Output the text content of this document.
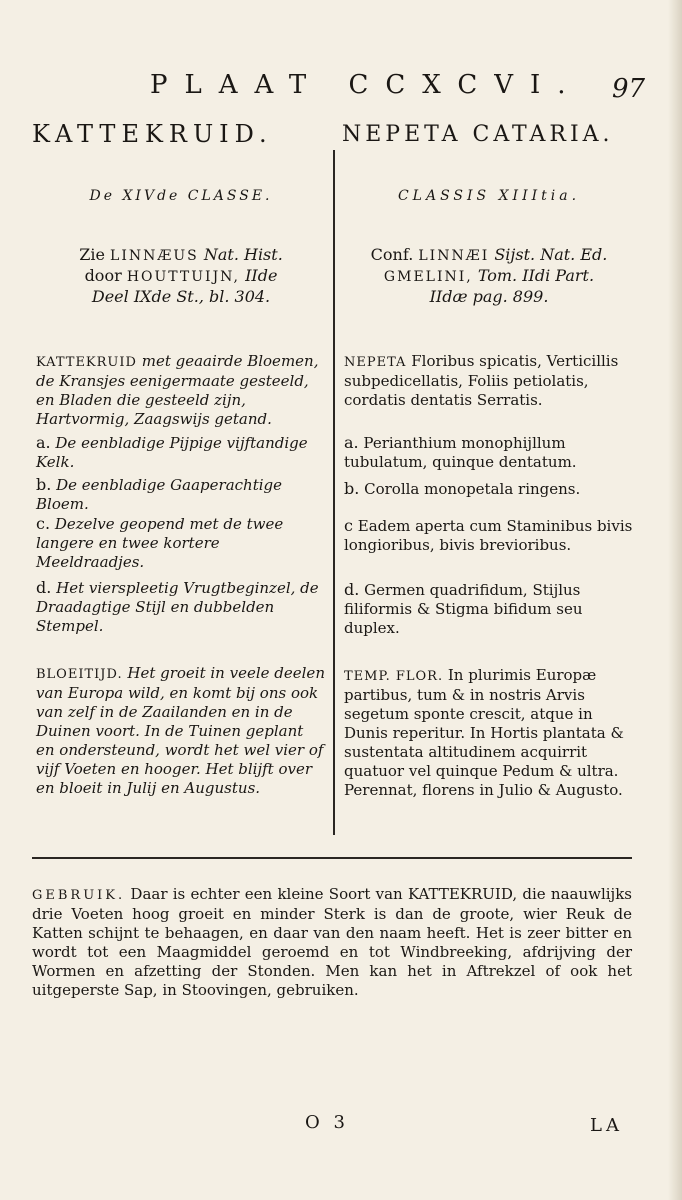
PLAAT CCXCVI. 97
KATTEKRUID.	NEPETA CATARIA.
De XIVde CLASSE.
Zie LINNÆUS Nat. Hist.
door HOUTTUIJN, IIde
Deel IXde St., bl. 304.
KATTEKRUID met geaairde Bloemen, de Kransjes eenigermaate gesteeld, en Bladen die gesteeld zijn, Hartvormig, Zaagswijs getand.
a. De eenbladige Pijpige vijftandige Kelk.
b. De eenbladige Gaaperachtige Bloem.
c. Dezelve geopend met de twee langere en twee kortere Meeldraadjes.
d. Het vierspleetig Vrugtbeginzel, de Draadagtige Stijl en dubbelden Stempel.
BLOEITIJD. Het groeit in veele deelen van Europa wild, en komt bij ons ook van zelf in de Zaailanden en in de Duinen voort. In de Tuinen geplant en ondersteund, wordt het wel vier of vijf Voeten en hooger. Het blijft over en bloeit in Julij en Augustus.
CLASSIS XIIItia.
Conf. LINNÆI Sijst. Nat. Ed.
GMELINI, Tom. IIdi Part.
IIdæ pag. 899.
NEPETA Floribus spicatis, Verticillis subpedicellatis, Foliis petiolatis, cordatis dentatis Serratis.
a. Perianthium monophijllum tubulatum, quinque dentatum.
b. Corolla monopetala ringens.
c Eadem aperta cum Staminibus bivis longioribus, bivis brevioribus.
d. Germen quadrifidum, Stijlus filiformis & Stigma bifidum seu duplex.
TEMP. FLOR. In plurimis Europæ partibus, tum & in nostris Arvis segetum sponte crescit, atque in Dunis reperitur. In Hortis plantata & sustentata altitudinem acquirrit quatuor vel quinque Pedum & ultra. Perennat, florens in Julio & Augusto.
GEBRUIK. Daar is echter een kleine Soort van KATTEKRUID, die naauwlijks drie Voeten hoog groeit en minder Sterk is dan de groote, wier Reuk de Katten schijnt te behaagen, en daar van den naam heeft. Het is zeer bitter en wordt tot een Maagmiddel geroemd en tot Windbreeking, afdrijving der Wormen en afzetting der Stonden. Men kan het in Aftrekzel of ook het uitgeperste Sap, in Stoovingen, gebruiken.
O 3	LA
